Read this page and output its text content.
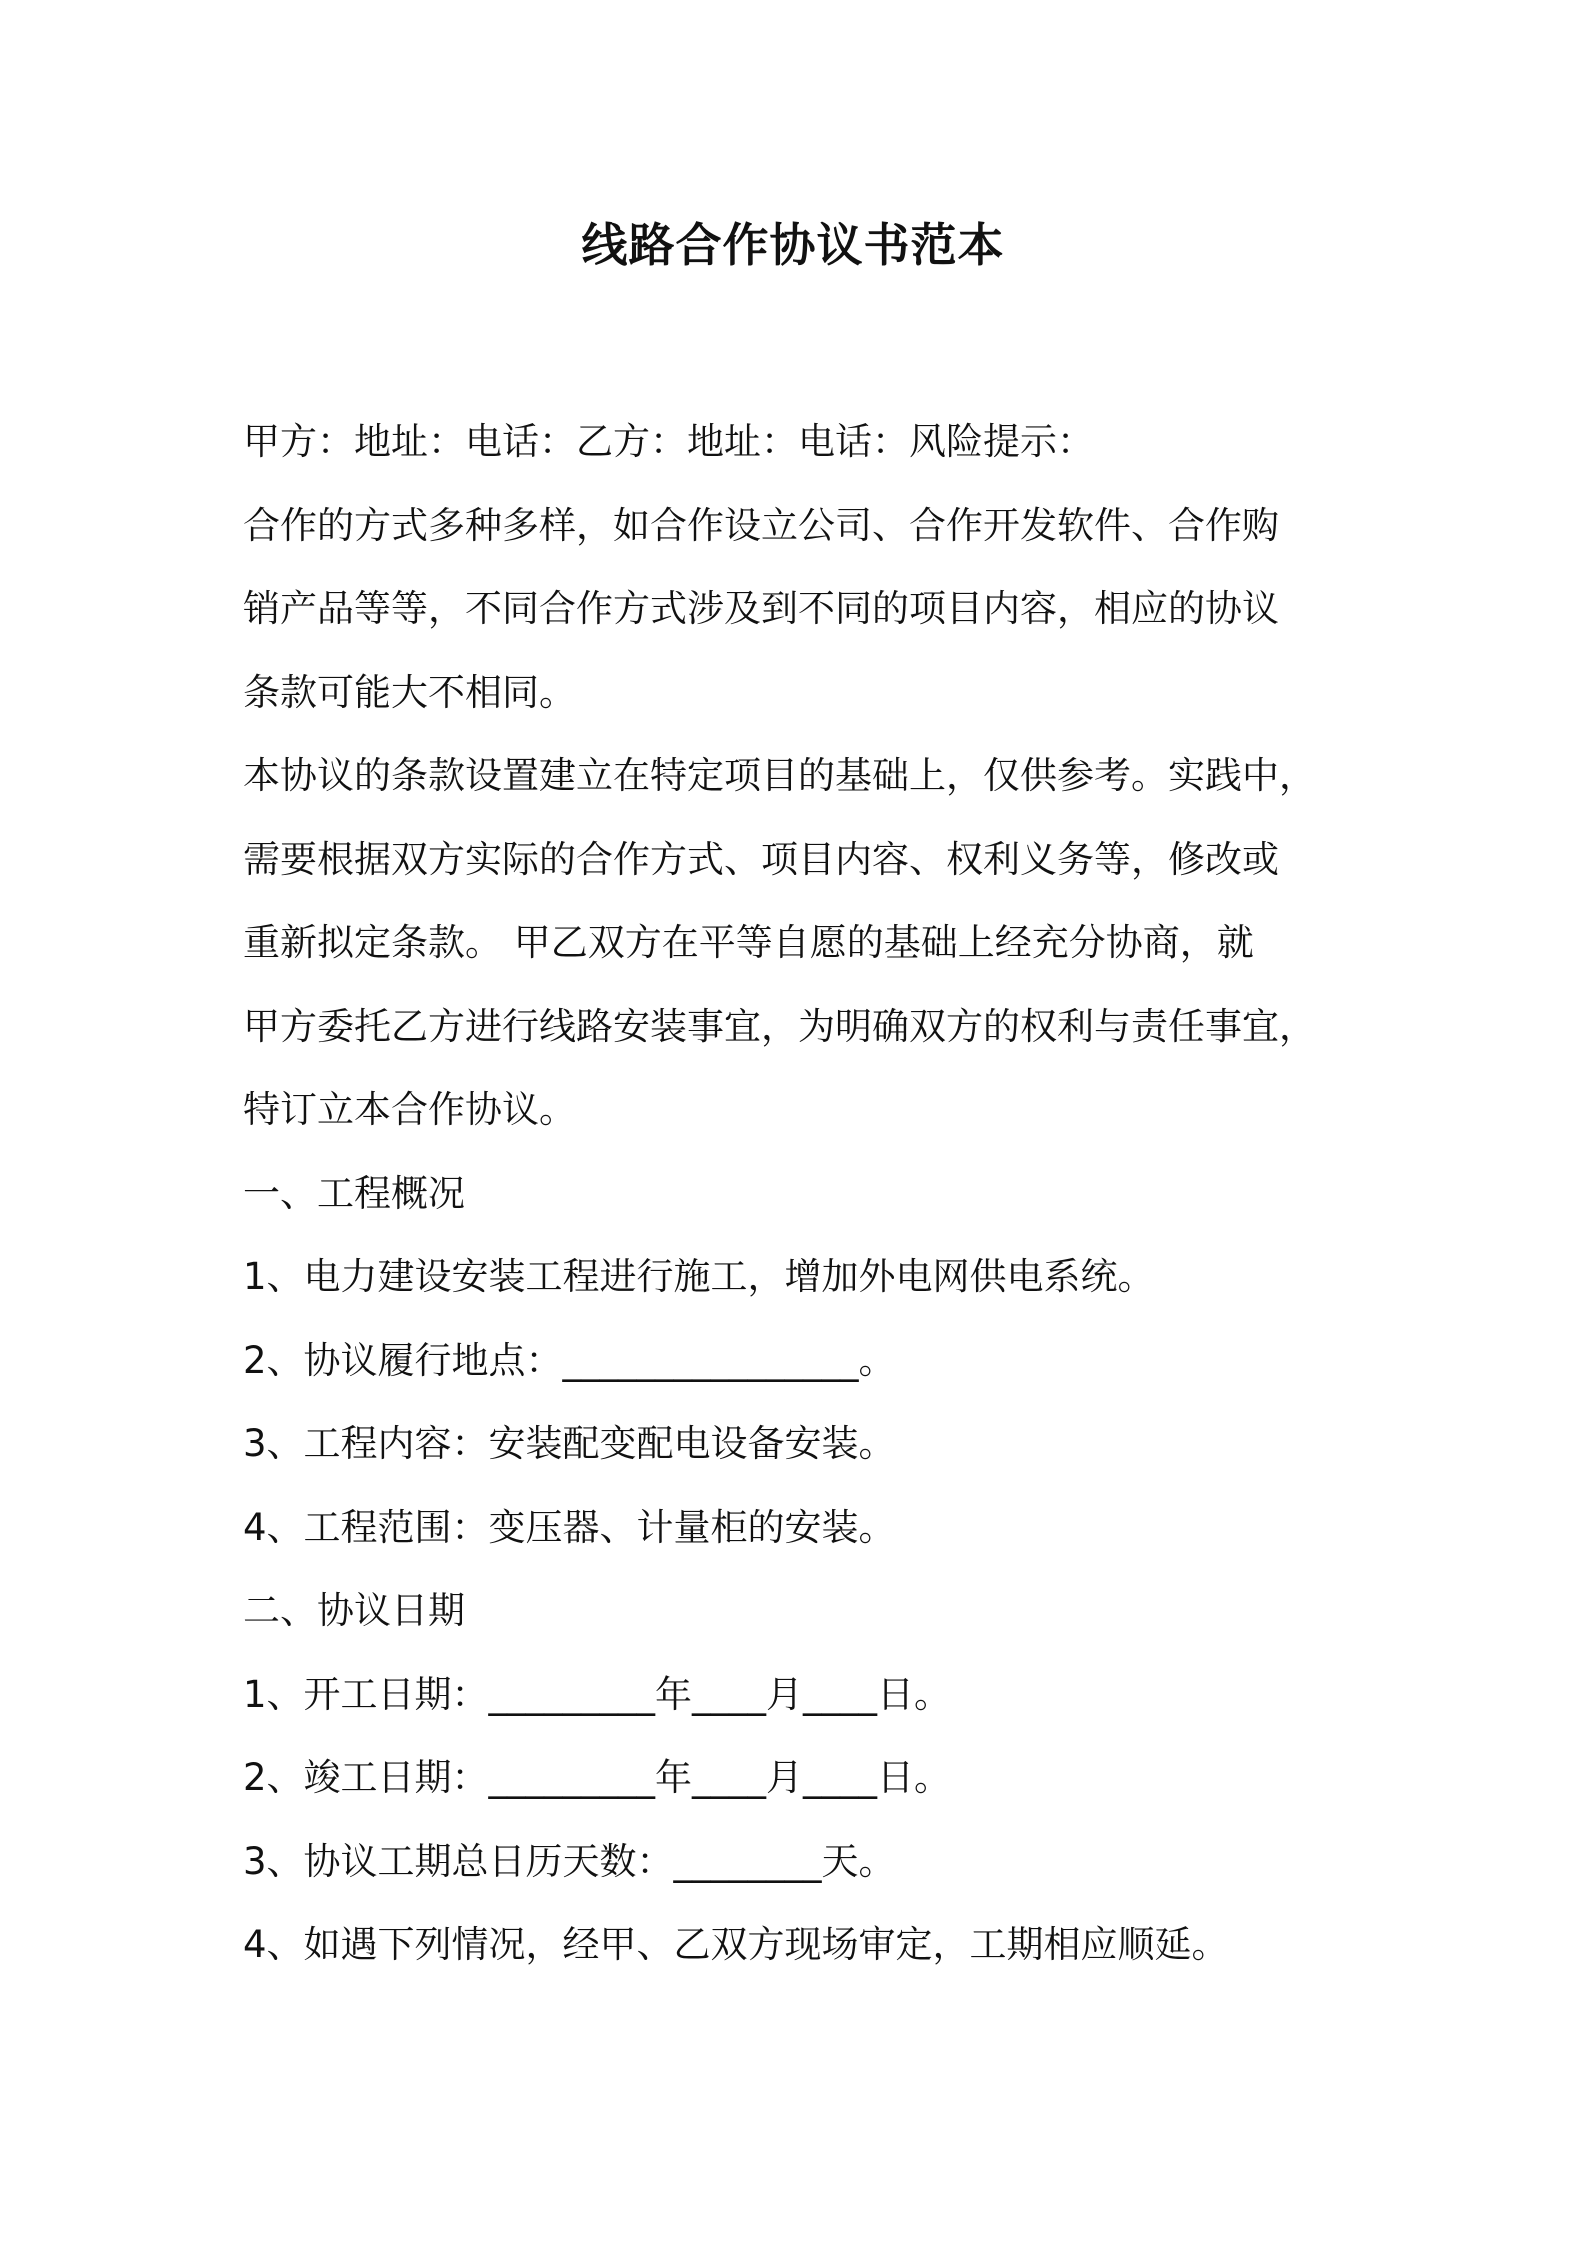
线路合作协议书范本
甲方：地址：电话：乙方：地址：电话：风险提示：
合作的方式多种多样，如合作设立公司、合作开发软件、合作购
销产品等等，不同合作方式涉及到不同的项目内容，相应的协议
条款可能大不相同。
本协议的条款设置建立在特定项目的基础上，仅供参考。实践中，
需要根据双方实际的合作方式、项目内容、权利义务等，修改或
重新拟定条款。 甲乙双方在平等自愿的基础上经充分协商，就
甲方委托乙方进行线路安装事宜，为明确双方的权利与责任事宜，
特订立本合作协议。
一、工程概况
1、电力建设安装工程进行施工，增加外电网供电系统。
2、协议履行地点：________________。
3、工程内容：安装配变配电设备安装。
4、工程范围：变压器、计量柜的安装。
二、协议日期
1、开工日期：_________年____月____日。
2、竣工日期：_________年____月____日。
3、协议工期总日历天数：________天。
4、如遇下列情况，经甲、乙双方现场审定，工期相应顺延。
